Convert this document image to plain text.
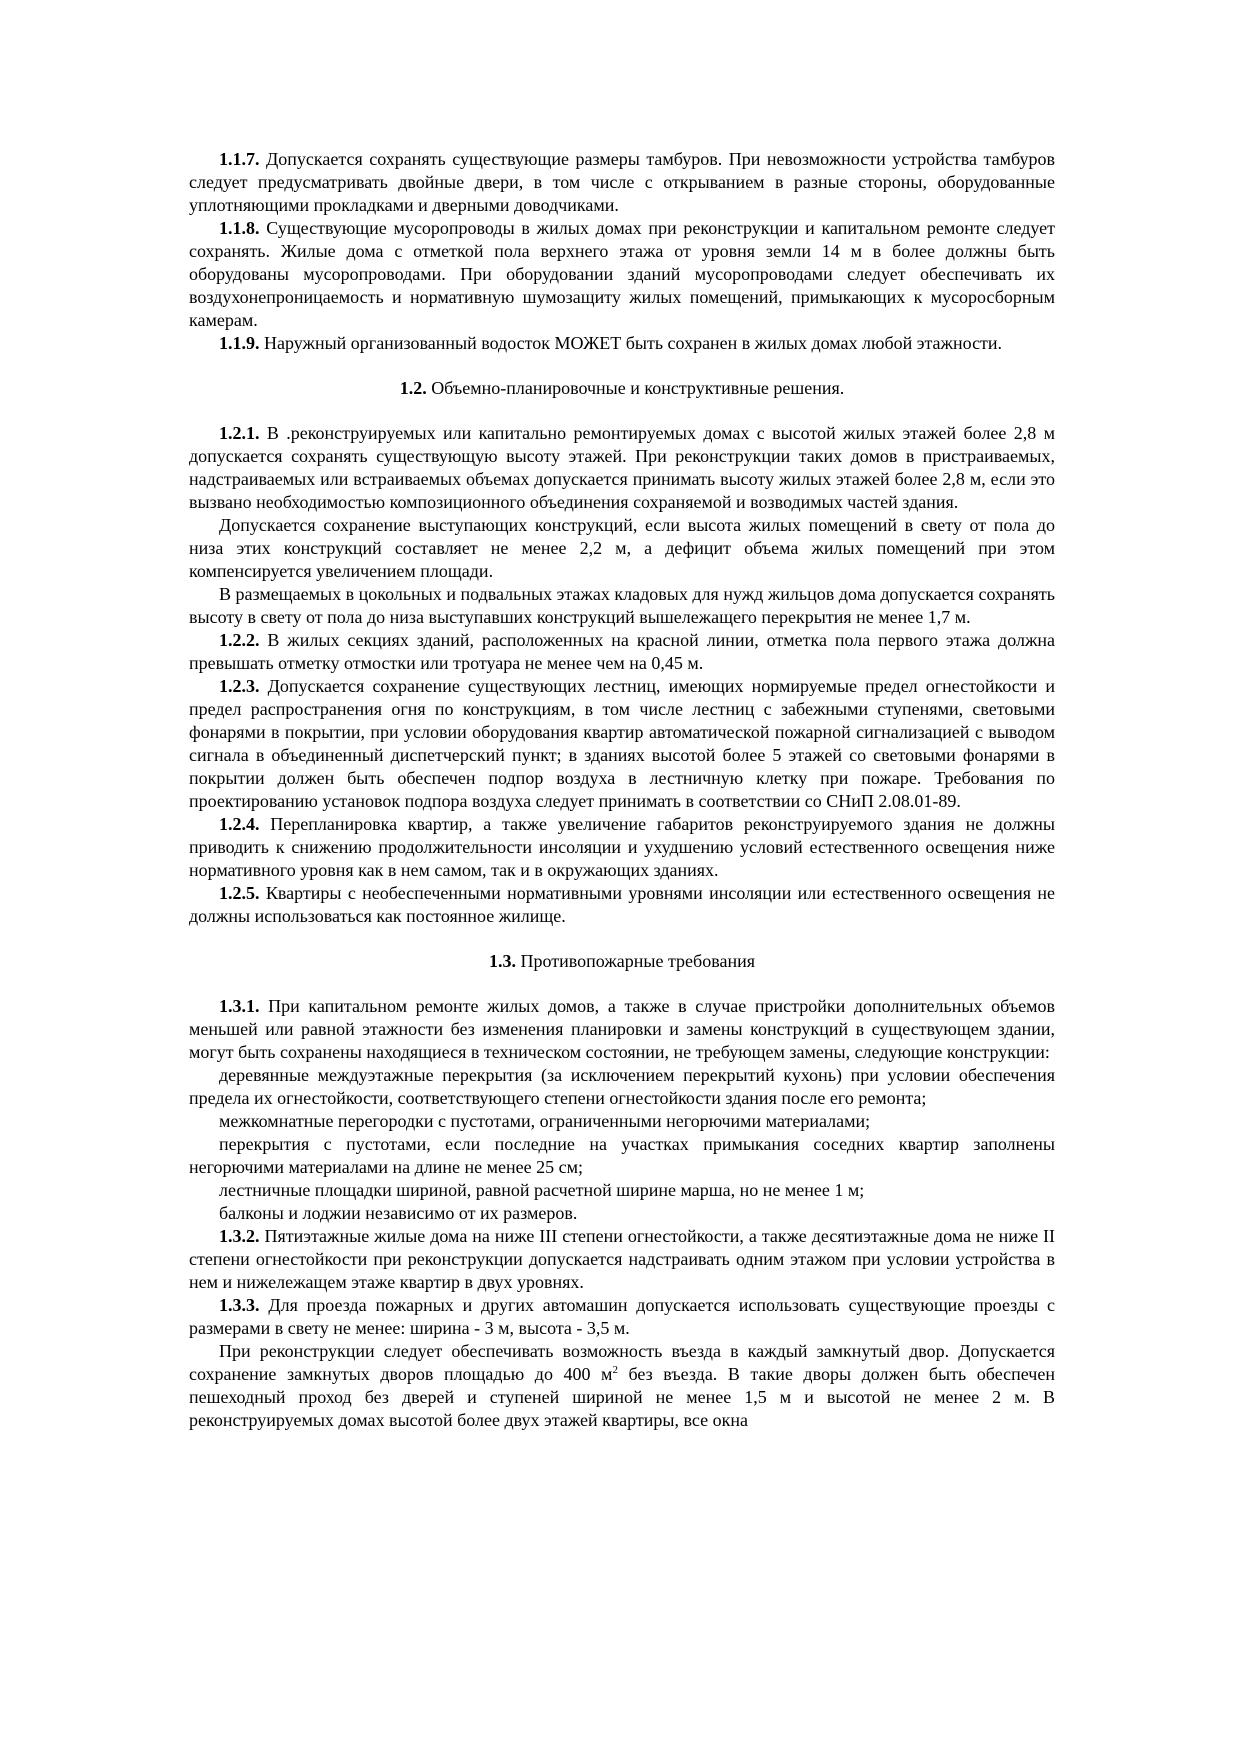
1.1.7. Допускается сохранять существующие размеры тамбуров. При невозможности устройства тамбуров следует предусматривать двойные двери, в том числе с открыванием в разные стороны, оборудованные уплотняющими прокладками и дверными доводчиками.

1.1.8. Существующие мусоропроводы в жилых домах при реконструкции и капитальном ремонте следует сохранять. Жилые дома с отметкой пола верхнего этажа от уровня земли 14 м в более должны быть оборудованы мусоропроводами. При оборудовании зданий мусоропроводами следует обеспечивать их воздухонепроницаемость и нормативную шумозащиту жилых помещений, примыкающих к мусоросборным камерам.

1.1.9. Наружный организованный водосток МОЖЕТ быть сохранен в жилых домах любой этажности.

1.2. Объемно-планировочные и конструктивные решения.

1.2.1. В .реконструируемых или капитально ремонтируемых домах с высотой жилых этажей более 2,8 м допускается сохранять существующую высоту этажей. При реконструкции таких домов в пристраиваемых, надстраиваемых или встраиваемых объемах допускается принимать высоту жилых этажей более 2,8 м, если это вызвано необходимостью композиционного объединения сохраняемой и возводимых частей здания.

Допускается сохранение выступающих конструкций, если высота жилых помещений в свету от пола до низа этих конструкций составляет не менее 2,2 м, а дефицит объема жилых помещений при этом компенсируется увеличением площади.

В размещаемых в цокольных и подвальных этажах кладовых для нужд жильцов дома допускается сохранять высоту в свету от пола до низа выступавших конструкций вышележащего перекрытия не менее 1,7 м.

1.2.2. В жилых секциях зданий, расположенных на красной линии, отметка пола первого этажа должна превышать отметку отмостки или тротуара не менее чем на 0,45 м.

1.2.3. Допускается сохранение существующих лестниц, имеющих нормируемые предел огнестойкости и предел распространения огня по конструкциям, в том числе лестниц с забежными ступенями, световыми фонарями в покрытии, при условии оборудования квартир автоматической пожарной сигнализацией с выводом сигнала в объединенный диспетчерский пункт; в зданиях высотой более 5 этажей со световыми фонарями в покрытии должен быть обеспечен подпор воздуха в лестничную клетку при пожаре. Требования по проектированию установок подпора воздуха следует принимать в соответствии со СНиП 2.08.01-89.

1.2.4. Перепланировка квартир, а также увеличение габаритов реконструируемого здания не должны приводить к снижению продолжительности инсоляции и ухудшению условий естественного освещения ниже нормативного уровня как в нем самом, так и в окружающих зданиях.

1.2.5. Квартиры с необеспеченными нормативными уровнями инсоляции или естественного освещения не должны использоваться как постоянное жилище.

1.3. Противопожарные требования

1.3.1. При капитальном ремонте жилых домов, а также в случае пристройки дополнительных объемов меньшей или равной этажности без изменения планировки и замены конструкций в существующем здании, могут быть сохранены находящиеся в техническом состоянии, не требующем замены, следующие конструкции:

деревянные междуэтажные перекрытия (за исключением перекрытий кухонь) при условии обеспечения предела их огнестойкости, соответствующего степени огнестойкости здания после его ремонта;

межкомнатные перегородки с пустотами, ограниченными негорючими материалами;

перекрытия с пустотами, если последние на участках примыкания соседних квартир заполнены негорючими материалами на длине не менее 25 см;

лестничные площадки шириной, равной расчетной ширине марша, но не менее 1 м;

балконы и лоджии независимо от их размеров.

1.3.2. Пятиэтажные жилые дома на ниже III степени огнестойкости, а также десятиэтажные дома не ниже II степени огнестойкости при реконструкции допускается надстраивать одним этажом при условии устройства в нем и нижележащем этаже квартир в двух уровнях.

1.3.3. Для проезда пожарных и других автомашин допускается использовать существующие проезды с размерами в свету не менее: ширина - 3 м, высота - 3,5 м.

При реконструкции следует обеспечивать возможность въезда в каждый замкнутый двор. Допускается сохранение замкнутых дворов площадью до 400 $м^2$ без въезда. В такие дворы должен быть обеспечен пешеходный проход без дверей и ступеней шириной не менее 1,5 м и высотой не менее 2 м. В реконструируемых домах высотой более двух этажей квартиры, все окна
